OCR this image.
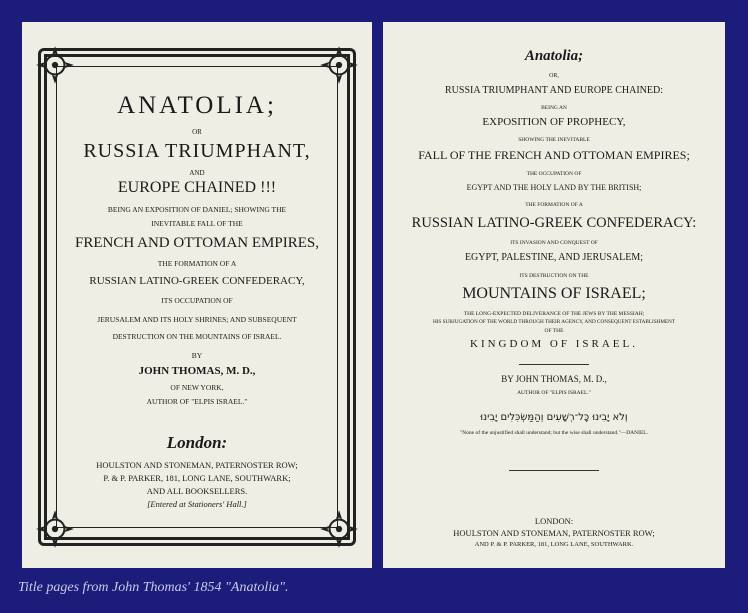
ANATOLIA;
OR
RUSSIA TRIUMPHANT,
AND
EUROPE CHAINED !!!
BEING AN EXPOSITION OF DANIEL; SHOWING THE
INEVITABLE FALL OF THE
FRENCH AND OTTOMAN EMPIRES,
THE FORMATION OF A
RUSSIAN LATINO-GREEK CONFEDERACY,
ITS OCCUPATION OF
JERUSALEM AND ITS HOLY SHRINES; AND SUBSEQUENT
DESTRUCTION ON THE MOUNTAINS OF ISRAEL.
BY
JOHN THOMAS, M. D.,
OF NEW YORK,
AUTHOR OF "ELPIS ISRAEL."
London:
HOULSTON AND STONEMAN, PATERNOSTER ROW;
P. & P. PARKER, 181, LONG LANE, SOUTHWARK;
AND ALL BOOKSELLERS.
[Entered at Stationers' Hall.]
Anatolia;
OR,
RUSSIA TRIUMPHANT AND EUROPE CHAINED:
BEING AN
EXPOSITION OF PROPHECY,
SHOWING THE INEVITABLE
FALL OF THE FRENCH AND OTTOMAN EMPIRES;
THE OCCUPATION OF
EGYPT AND THE HOLY LAND BY THE BRITISH;
THE FORMATION OF A
RUSSIAN LATINO-GREEK CONFEDERACY:
ITS INVASION AND CONQUEST OF
EGYPT, PALESTINE, AND JERUSALEM;
ITS DESTRUCTION ON THE
MOUNTAINS OF ISRAEL;
THE LONG-EXPECTED DELIVERANCE OF THE JEWS BY THE MESSIAH;
HIS SUBJUGATION OF THE WORLD THROUGH THEIR AGENCY, AND CONSEQUENT ESTABLISHMENT
OF THE
KINGDOM OF ISRAEL.
BY JOHN THOMAS, M. D.,
AUTHOR OF "ELPIS ISRAEL."
וְלֹא יָבִינוּ כָּל־רְשָׁעִים וְהַמַּשְׂכִּלִים יָבִינוּ
"None of the unjustified shall understand; but the wise shall understand."—DANIEL.
LONDON:
HOULSTON AND STONEMAN, PATERNOSTER ROW;
AND P. & P. PARKER, 181, LONG LANE, SOUTHWARK.
Title pages from John Thomas' 1854 "Anatolia".
